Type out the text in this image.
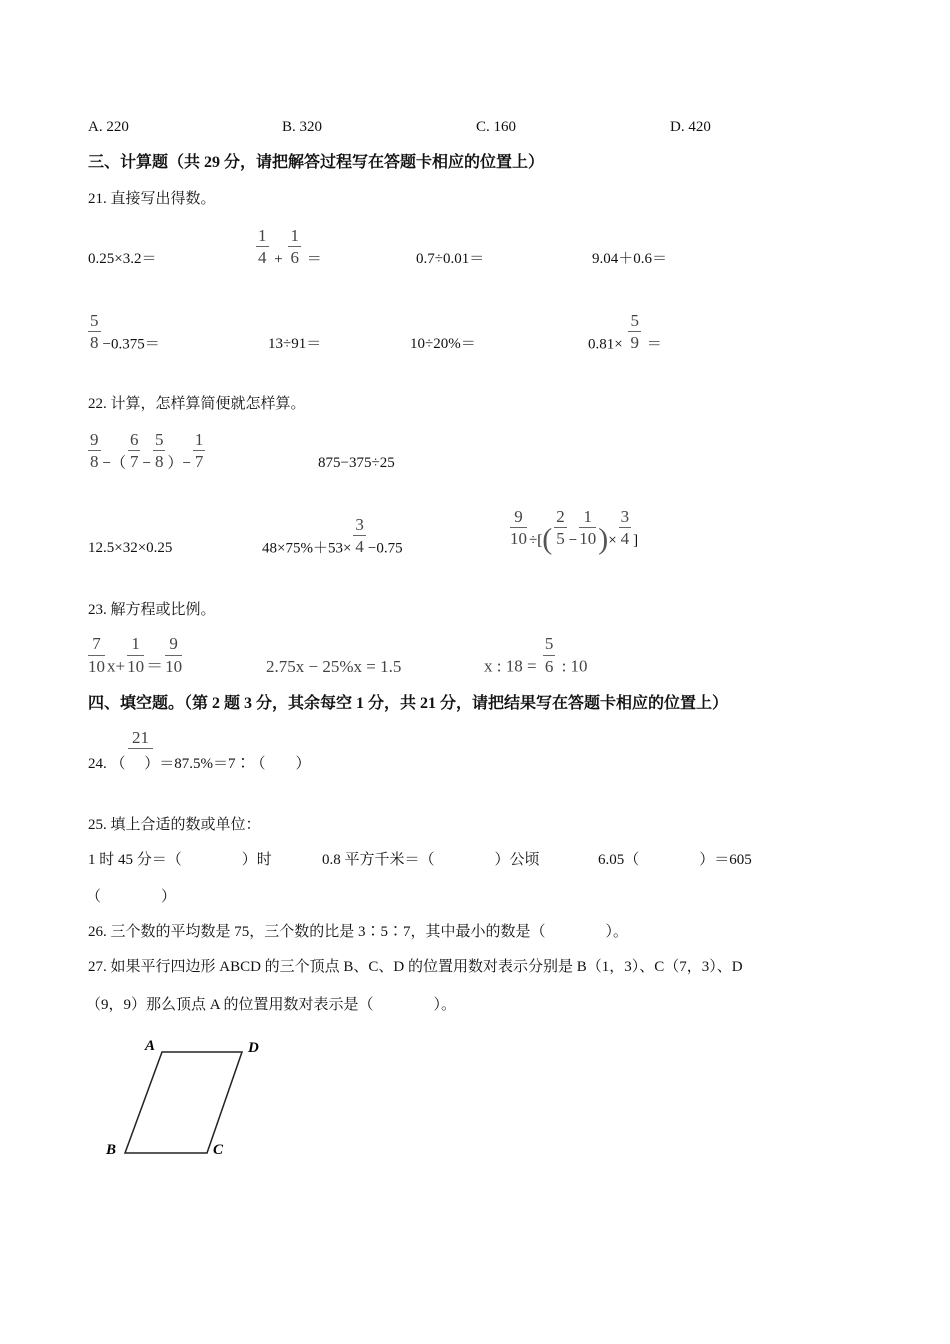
A. 220	B. 320	C. 160	D. 420
三、计算题（共 29 分，请把解答过程写在答题卡相应的位置上）
21. 直接写出得数。
0.25×3.2＝	$\frac{1}{4} + \frac{1}{6}$ ＝	0.7÷0.01＝	9.04＋0.6＝
$\frac{5}{8} -0.375=$	13÷91＝	10÷20%＝	$0.81\times \frac{5}{9}$ ＝
22. 计算，怎样算简便就怎样算。
$\frac{9}{8}$ −（ $\frac{6}{7} - \frac{5}{8}$ ）− $\frac{1}{7}$	875−375÷25
12.5×32×0.25	$48\times 75\%+53\times \frac{3}{4} -0.75$	$\frac{9}{10}$ ÷[( $\frac{2}{5} - \frac{1}{10}$ )× $\frac{3}{4}$ ]
23. 解方程或比例。
$\frac{7}{10} x+ \frac{1}{10} = \frac{9}{10}$	2.75x − 25%x = 1.5	x : $18 = \frac{5}{6}$ : 10
四、填空题。（第 2 题 3 分，其余每空 1 分，共 21 分，请把结果写在答题卡相应的位置上）
21
24. （　 ）＝87.5%＝7∶（　　）
25. 填上合适的数或单位：
1 时 45 分＝（　　　　）时	0.8 平方千米＝（　　　　）公顷	6.05（　　　　）＝605
（　　　　）
26. 三个数的平均数是 75，三个数的比是 3∶5∶7，其中最小的数是（　　　　）。
27. 如果平行四边形 ABCD 的三个顶点 B、C、D 的位置用数对表示分别是 B（1，3）、C（7，3）、D
（9，9）那么顶点 A 的位置用数对表示是（　　　　）。
A	D
C
B
